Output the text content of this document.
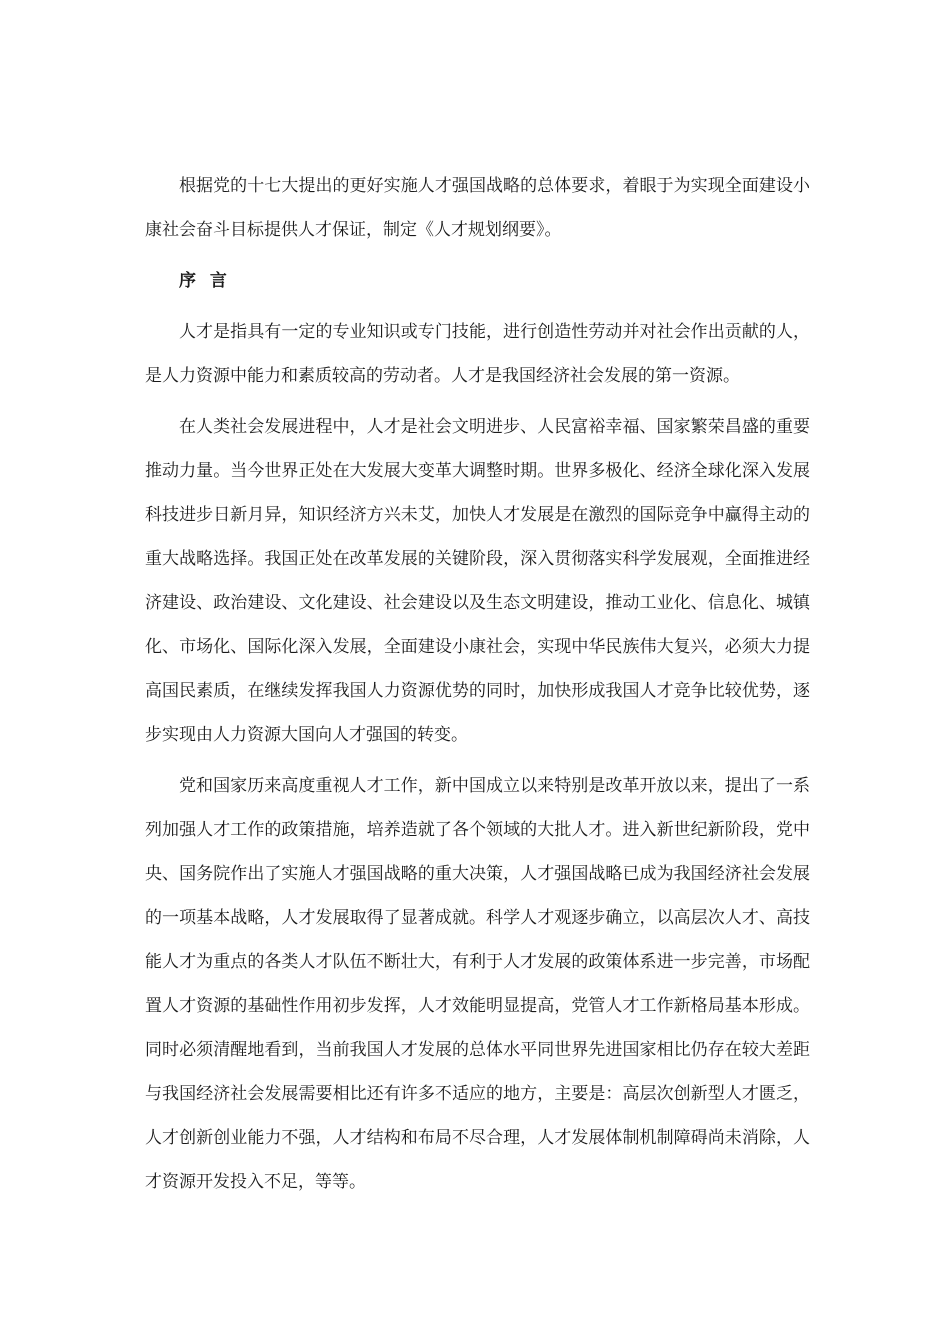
根据党的十七大提出的更好实施人才强国战略的总体要求，着眼于为实现全面建设小康社会奋斗目标提供人才保证，制定《人才规划纲要》。

序 言

人才是指具有一定的专业知识或专门技能，进行创造性劳动并对社会作出贡献的人，是人力资源中能力和素质较高的劳动者。人才是我国经济社会发展的第一资源。

在人类社会发展进程中，人才是社会文明进步、人民富裕幸福、国家繁荣昌盛的重要推动力量。当今世界正处在大发展大变革大调整时期。世界多极化、经济全球化深入发展科技进步日新月异，知识经济方兴未艾，加快人才发展是在激烈的国际竞争中赢得主动的重大战略选择。我国正处在改革发展的关键阶段，深入贯彻落实科学发展观，全面推进经济建设、政治建设、文化建设、社会建设以及生态文明建设，推动工业化、信息化、城镇化、市场化、国际化深入发展，全面建设小康社会，实现中华民族伟大复兴，必须大力提高国民素质，在继续发挥我国人力资源优势的同时，加快形成我国人才竞争比较优势，逐步实现由人力资源大国向人才强国的转变。

党和国家历来高度重视人才工作，新中国成立以来特别是改革开放以来，提出了一系列加强人才工作的政策措施，培养造就了各个领域的大批人才。进入新世纪新阶段，党中央、国务院作出了实施人才强国战略的重大决策，人才强国战略已成为我国经济社会发展的一项基本战略，人才发展取得了显著成就。科学人才观逐步确立，以高层次人才、高技能人才为重点的各类人才队伍不断壮大，有利于人才发展的政策体系进一步完善，市场配置人才资源的基础性作用初步发挥，人才效能明显提高，党管人才工作新格局基本形成。同时必须清醒地看到，当前我国人才发展的总体水平同世界先进国家相比仍存在较大差距与我国经济社会发展需要相比还有许多不适应的地方，主要是：高层次创新型人才匮乏，人才创新创业能力不强，人才结构和布局不尽合理，人才发展体制机制障碍尚未消除，人才资源开发投入不足，等等。
